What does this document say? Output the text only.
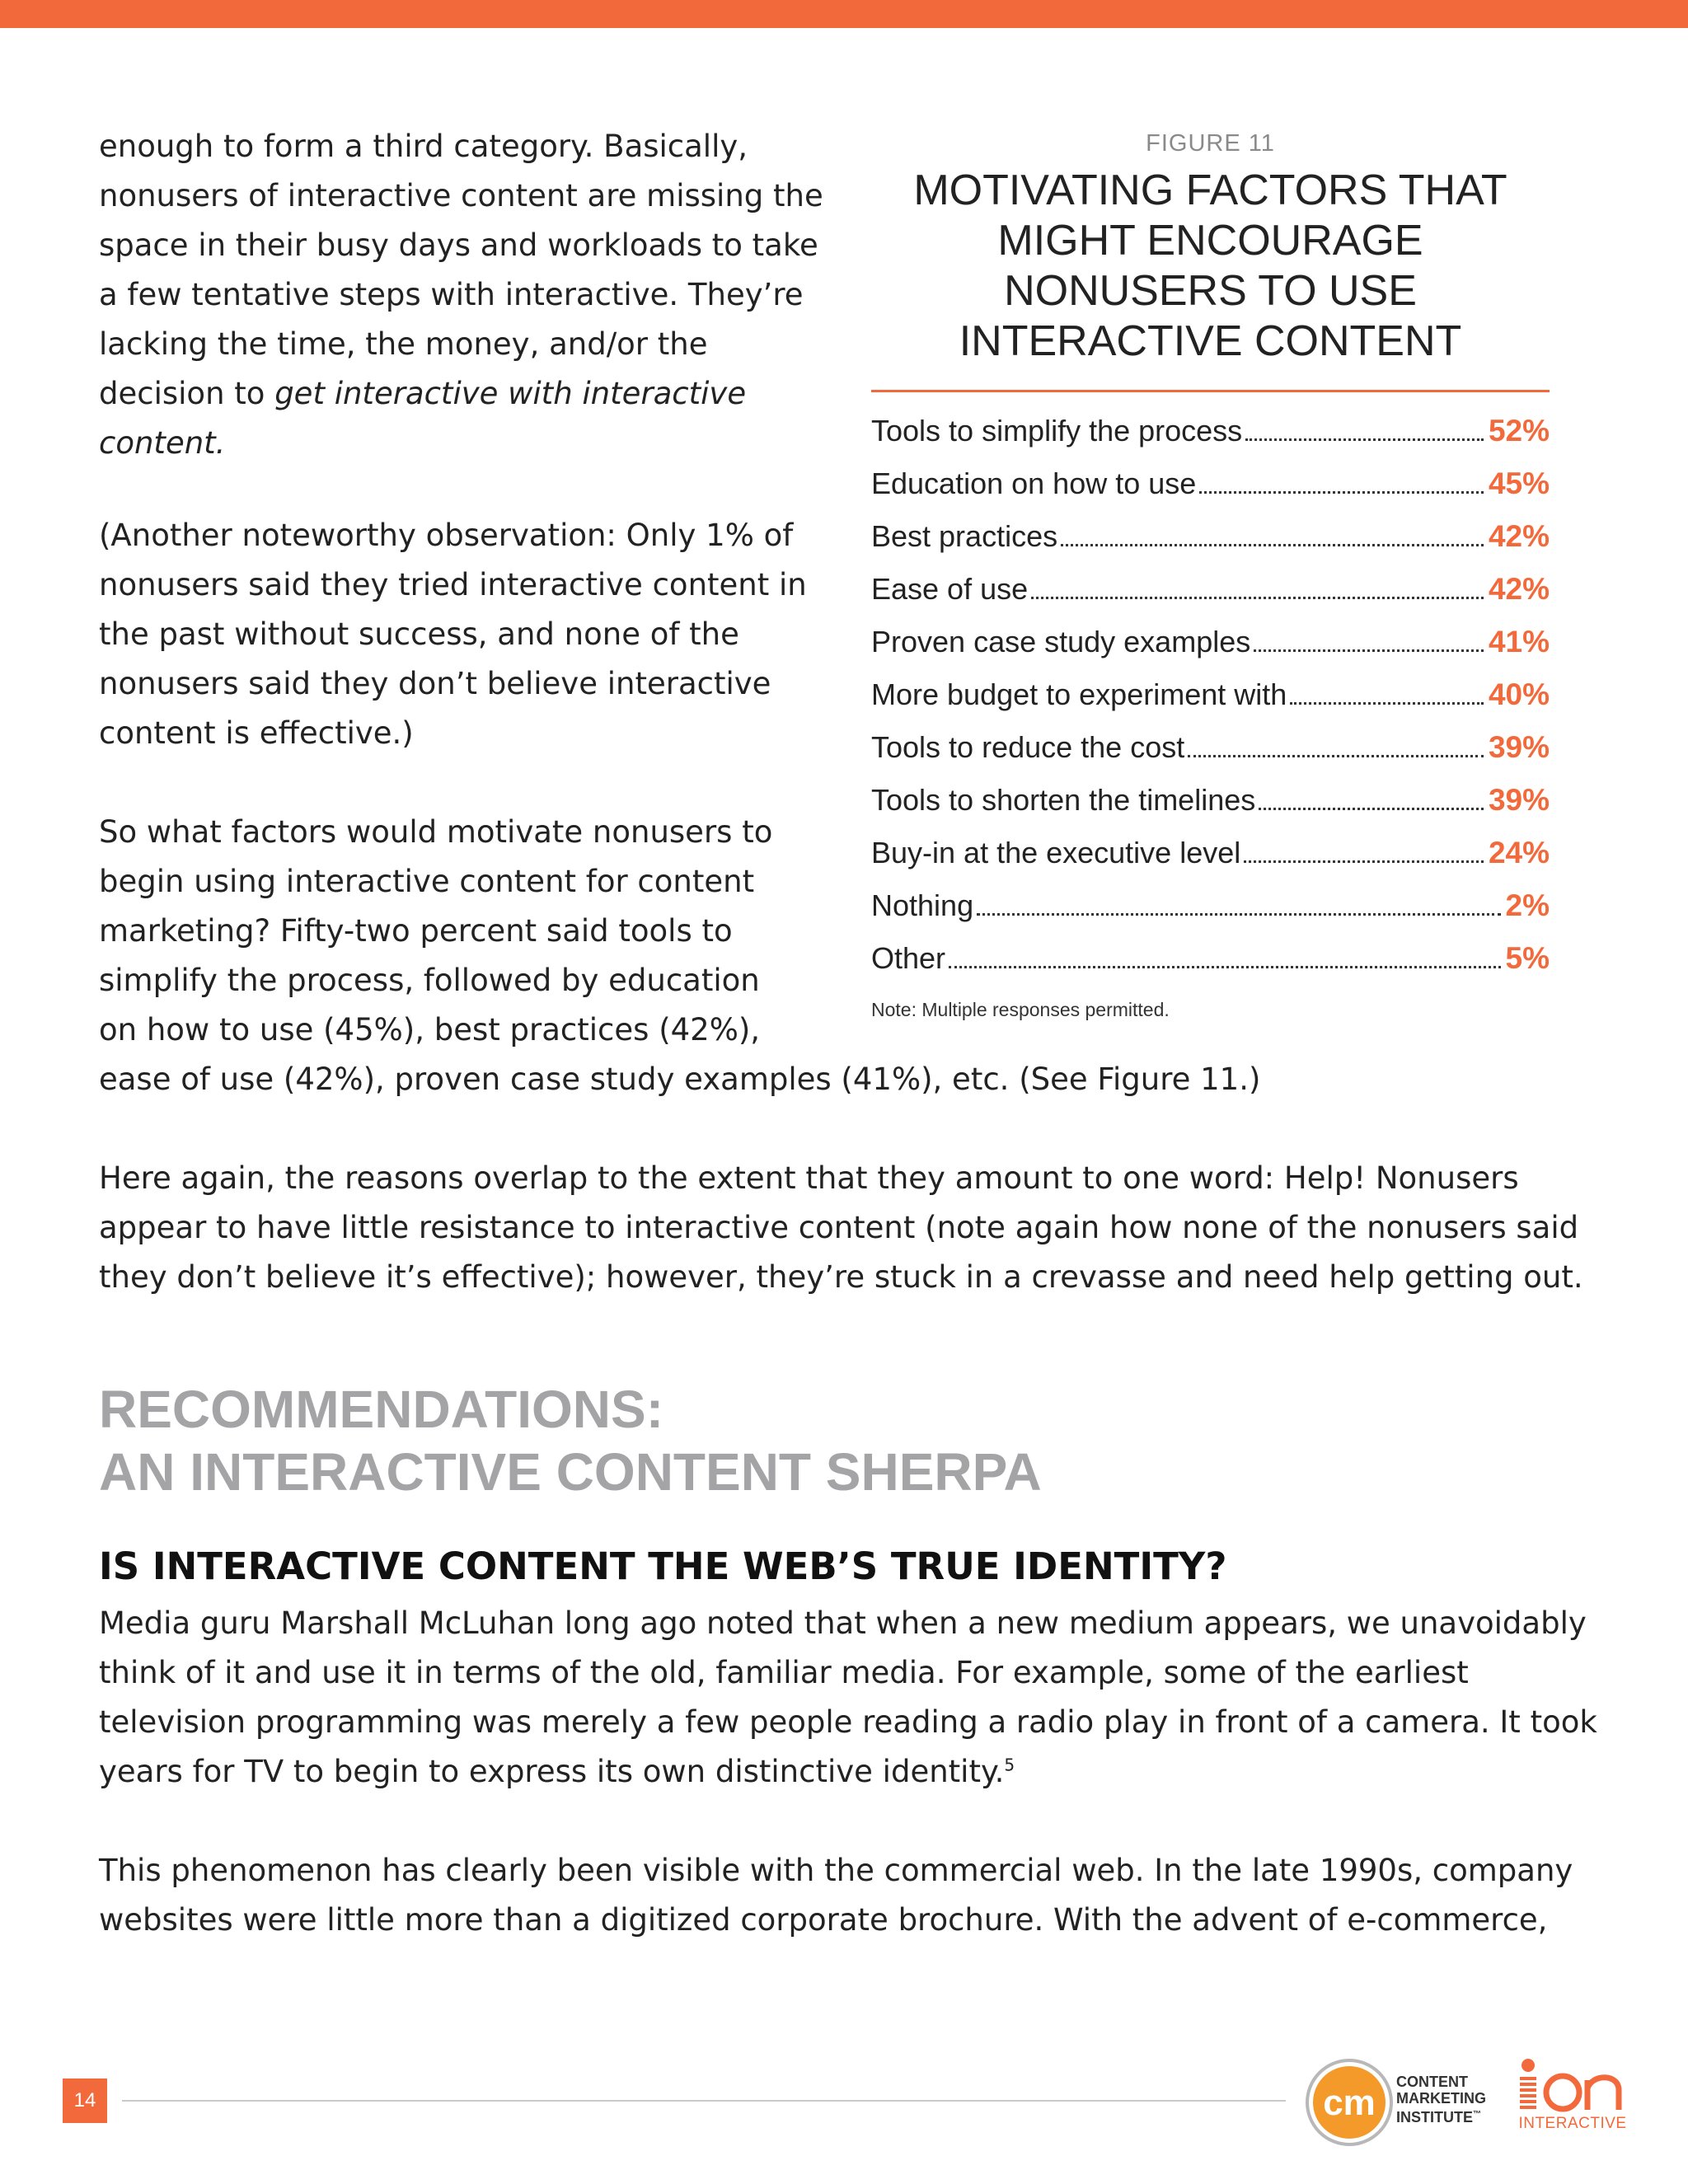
enough to form a third category. Basically, nonusers of interactive content are missing the space in their busy days and workloads to take a few tentative steps with interactive. They’re lacking the time, the money, and/or the decision to get interactive with interactive content.

(Another noteworthy observation: Only 1% of nonusers said they tried interactive content in the past without success, and none of the nonusers said they don’t believe interactive content is effective.)

So what factors would motivate nonusers to
begin using interactive content for content
marketing? Fifty-two percent said tools to
simplify the process, followed by education
on how to use (45%), best practices (42%),
ease of use (42%), proven case study examples (41%), etc. (See Figure 11.)
FIGURE 11
MOTIVATING FACTORS THAT MIGHT ENCOURAGE NONUSERS TO USE INTERACTIVE CONTENT
Tools to simplify the process	52%
Education on how to use	45%
Best practices	42%
Ease of use	42%
Proven case study examples	41%
More budget to experiment with	40%
Tools to reduce the cost	39%
Tools to shorten the timelines	39%
Buy-in at the executive level	24%
Nothing	2%
Other	5%
Note: Multiple responses permitted.
Here again, the reasons overlap to the extent that they amount to one word: Help! Nonusers appear to have little resistance to interactive content (note again how none of the nonusers said they don’t believe it’s effective); however, they’re stuck in a crevasse and need help getting out.
RECOMMENDATIONS:
AN INTERACTIVE CONTENT SHERPA
IS INTERACTIVE CONTENT THE WEB’S TRUE IDENTITY?
Media guru Marshall McLuhan long ago noted that when a new medium appears, we unavoidably think of it and use it in terms of the old, familiar media. For example, some of the earliest television programming was merely a few people reading a radio play in front of a camera. It took years for TV to begin to express its own distinctive identity.$^5$
This phenomenon has clearly been visible with the commercial web. In the late 1990s, company websites were little more than a digitized corporate brochure. With the advent of e-commerce,
14	cm
CONTENT
MARKETING
INSTITUTE™
INTERACTIVE
